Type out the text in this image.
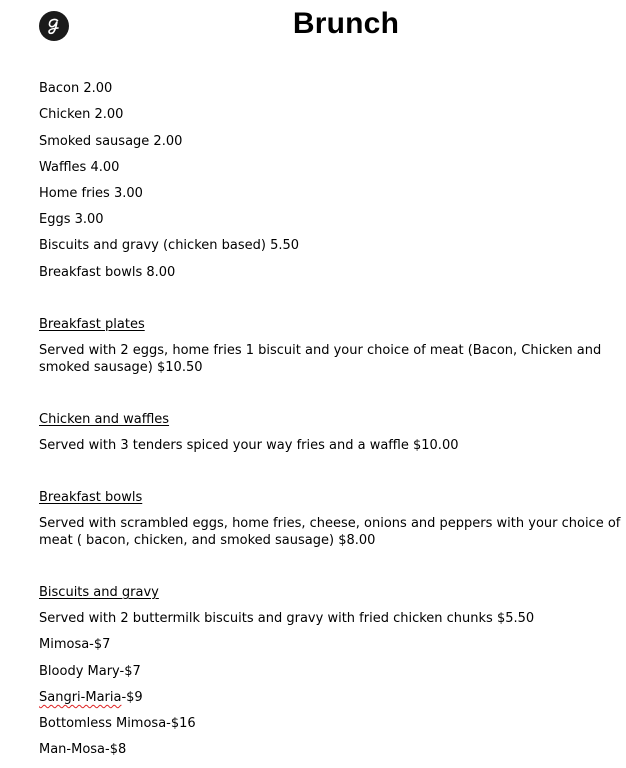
Brunch
Bacon 2.00
Chicken 2.00
Smoked sausage 2.00
Waffles 4.00
Home fries 3.00
Eggs 3.00
Biscuits and gravy (chicken based) 5.50
Breakfast bowls 8.00
Breakfast plates
Served with 2 eggs, home fries 1 biscuit and your choice of meat (Bacon, Chicken and smoked sausage) $10.50
Chicken and waffles
Served with 3 tenders spiced your way fries and a waffle $10.00
Breakfast bowls
Served with scrambled eggs, home fries, cheese, onions and peppers with your choice of meat ( bacon, chicken, and smoked sausage) $8.00
Biscuits and gravy
Served with 2 buttermilk biscuits and gravy with fried chicken chunks $5.50
Mimosa-$7
Bloody Mary-$7
Sangri-Maria-$9
Bottomless Mimosa-$16
Man-Mosa-$8
